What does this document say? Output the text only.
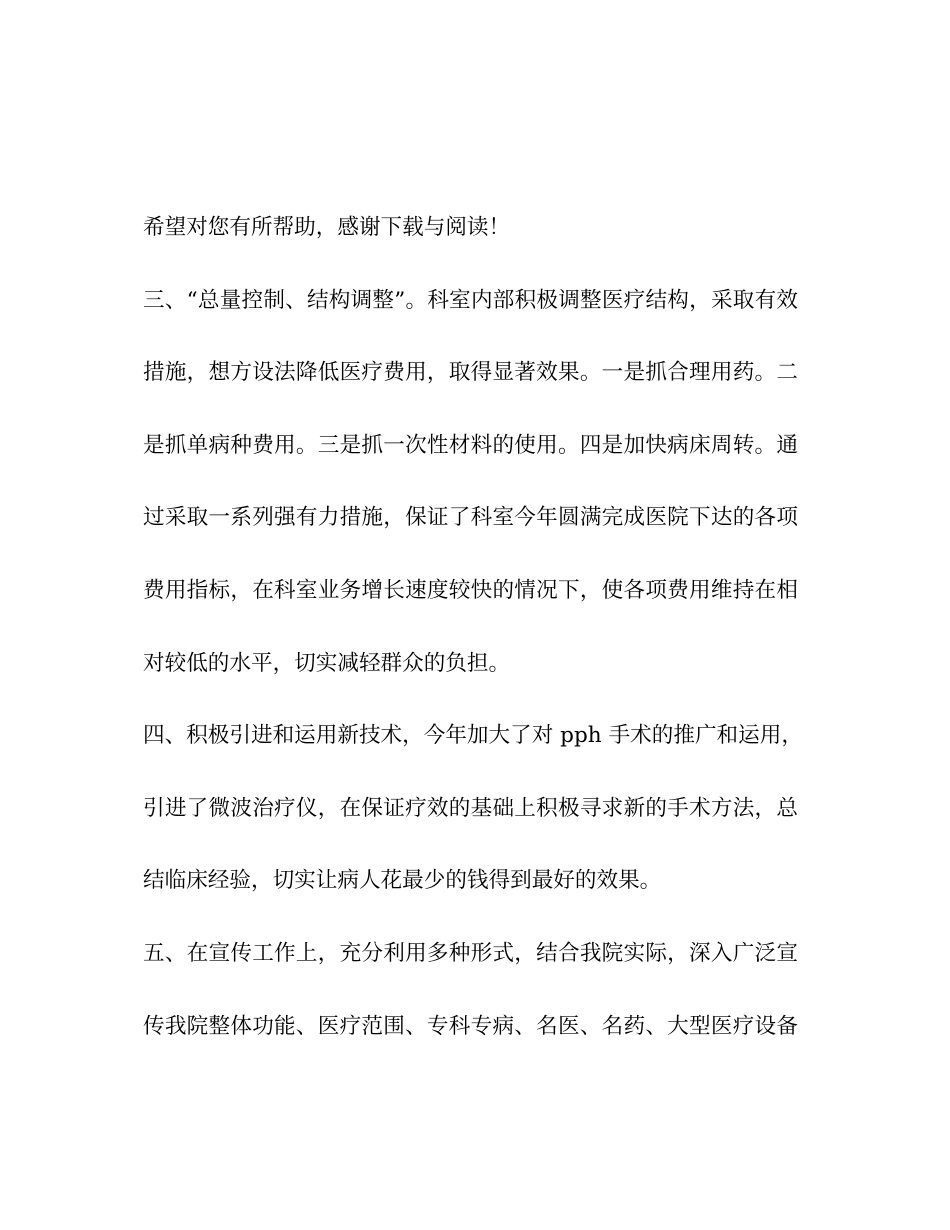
希望对您有所帮助，感谢下载与阅读！
三、“总量控制、结构调整”。科室内部积极调整医疗结构，采取有效
措施，想方设法降低医疗费用，取得显著效果。一是抓合理用药。二
是抓单病种费用。三是抓一次性材料的使用。四是加快病床周转。通
过采取一系列强有力措施，保证了科室今年圆满完成医院下达的各项
费用指标，在科室业务增长速度较快的情况下，使各项费用维持在相
对较低的水平，切实减轻群众的负担。
四、积极引进和运用新技术，今年加大了对 pph 手术的推广和运用，
引进了微波治疗仪，在保证疗效的基础上积极寻求新的手术方法，总
结临床经验，切实让病人花最少的钱得到最好的效果。
五、在宣传工作上，充分利用多种形式，结合我院实际，深入广泛宣
传我院整体功能、医疗范围、专科专病、名医、名药、大型医疗设备
